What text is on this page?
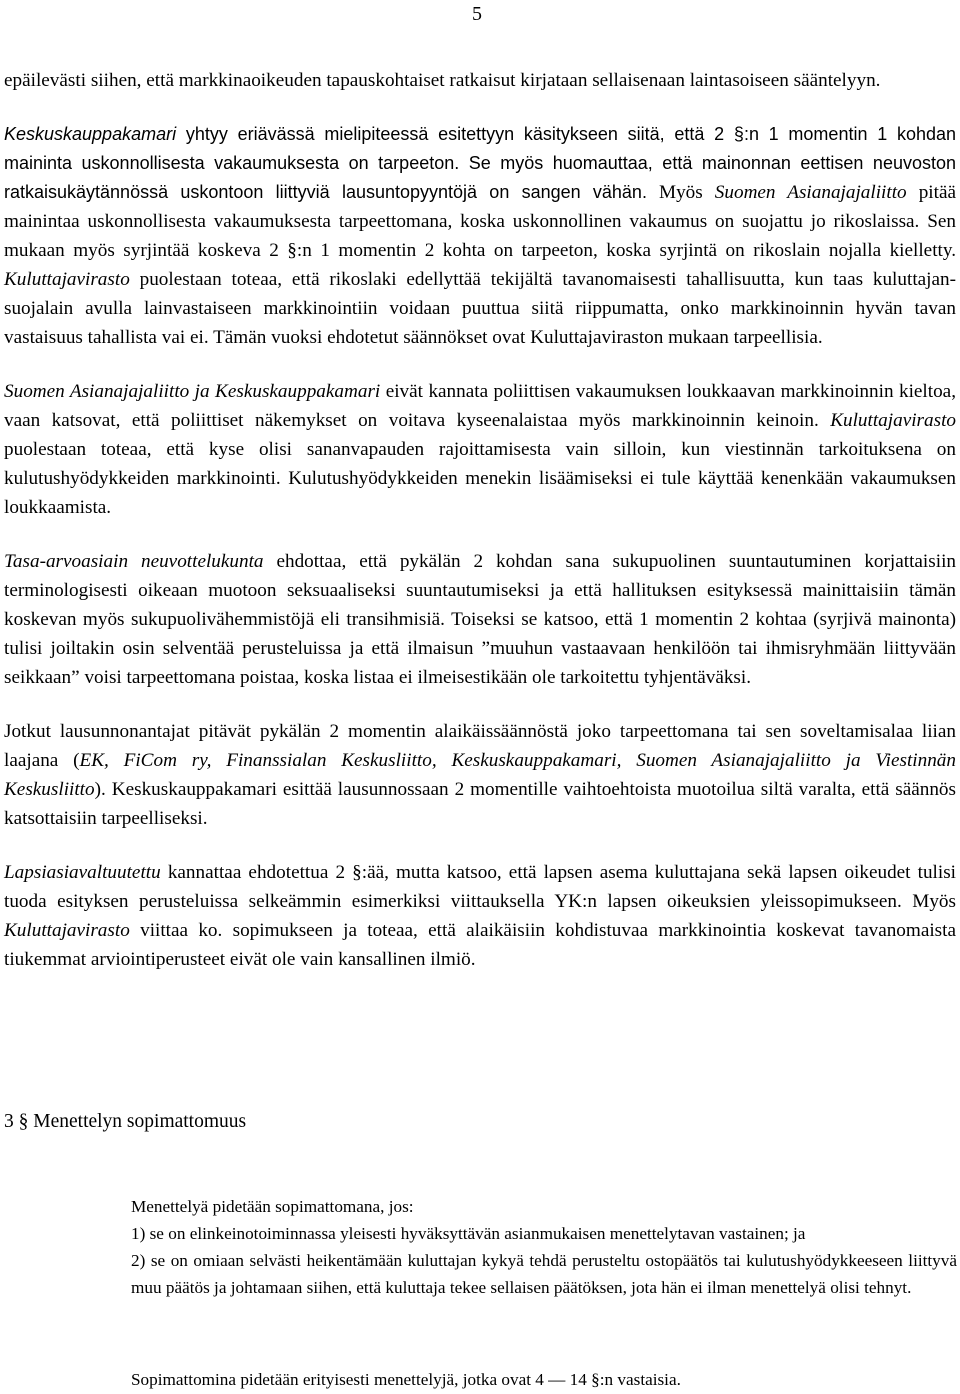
5

epäilevästi siihen, että markkinaoikeuden tapauskohtaiset ratkaisut kirjataan sellaisenaan laintasoiseen sääntelyyn.

Keskuskauppakamari yhtyy eriävässä mielipiteessä esitettyyn käsitykseen siitä, että 2 §:n 1 momentin 1 kohdan maininta uskonnollisesta vakaumuksesta on tarpeeton. Se myös huomauttaa, että mainonnan eettisen neuvoston ratkaisukäytännössä uskontoon liittyviä lausuntopyyntöjä on sangen vähän. Myös Suomen Asianajajaliitto pitää mainintaa uskonnollisesta vakaumuksesta tarpeettomana, koska uskonnollinen vakaumus on suojattu jo rikoslaissa. Sen mukaan myös syrjintää koskeva 2 §:n 1 momentin 2 kohta on tarpeeton, koska syrjintä on rikoslain nojalla kielletty. Kuluttajavirasto puolestaan toteaa, että rikoslaki edellyttää tekijältä tavanomaisesti tahallisuutta, kun taas kuluttajansuojalain avulla lainvastaiseen markkinointiin voidaan puuttua siitä riippumatta, onko markkinoinnin hyvän tavan vastaisuus tahallista vai ei. Tämän vuoksi ehdotetut säännökset ovat Kuluttajaviraston mukaan tarpeellisia.

Suomen Asianajajaliitto ja Keskuskauppakamari eivät kannata poliittisen vakaumuksen loukkaavan markkinoinnin kieltoa, vaan katsovat, että poliittiset näkemykset on voitava kyseenalaistaa myös markkinoinnin keinoin. Kuluttajavirasto puolestaan toteaa, että kyse olisi sananvapauden rajoittamisesta vain silloin, kun viestinnän tarkoituksena on kulutushyödykkeiden markkinointi. Kulutushyödykkeiden menekin lisäämiseksi ei tule käyttää kenenkään vakaumuksen loukkaamista.

Tasa-arvoasiain neuvottelukunta ehdottaa, että pykälän 2 kohdan sana sukupuolinen suuntautuminen korjattaisiin terminologisesti oikeaan muotoon seksuaaliseksi suuntautumiseksi ja että hallituksen esityksessä mainittaisiin tämän koskevan myös sukupuolivähemmistöjä eli transihmisiä. Toiseksi se katsoo, että 1 momentin 2 kohtaa (syrjivä mainonta) tulisi joiltakin osin selventää perusteluissa ja että ilmaisun ”muuhun vastaavaan henkilöön tai ihmisryhmään liittyvään seikkaan” voisi tarpeettomana poistaa, koska listaa ei ilmeisestikään ole tarkoitettu tyhjentäväksi.

Jotkut lausunnonantajat pitävät pykälän 2 momentin alaikäissäännöstä joko tarpeettomana tai sen soveltamisalaa liian laajana (EK, FiCom ry, Finanssialan Keskusliitto, Keskuskauppakamari, Suomen Asianajajaliitto ja Viestinnän Keskusliitto). Keskuskauppakamari esittää lausunnossaan 2 momentille vaihtoehtoista muotoilua siltä varalta, että säännös katsottaisiin tarpeelliseksi.

Lapsiasiavaltuutettu kannattaa ehdotettua 2 §:ää, mutta katsoo, että lapsen asema kuluttajana sekä lapsen oikeudet tulisi tuoda esityksen perusteluissa selkeämmin esimerkiksi viittauksella YK:n lapsen oikeuksien yleissopimukseen. Myös Kuluttajavirasto viittaa ko. sopimukseen ja toteaa, että alaikäisiin kohdistuvaa markkinointia koskevat tavanomaista tiukemmat arviointiperusteet eivät ole vain kansallinen ilmiö.

3 § Menettelyn sopimattomuus

Menettelyä pidetään sopimattomana, jos:

1) se on elinkeinotoiminnassa yleisesti hyväksyttävän asianmukaisen menettelytavan vastainen; ja

2) se on omiaan selvästi heikentämään kuluttajan kykyä tehdä perusteltu ostopäätös tai kulutushyödykkeeseen liittyvä muu päätös ja johtamaan siihen, että kuluttaja tekee sellaisen päätöksen, jota hän ei ilman menettelyä olisi tehnyt.

Sopimattomina pidetään erityisesti menettelyjä, jotka ovat 4 — 14 §:n vastaisia.
